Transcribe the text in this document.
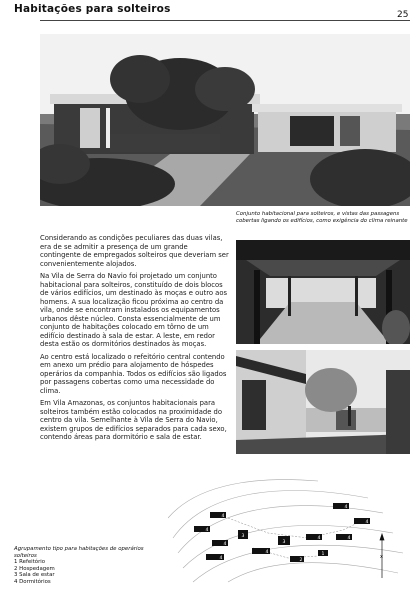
Habitações para solteiros	25
Conjunto habitacional para solteiros, e vistas das passagens cobertas ligando os edifícios, como exigência do clima reinante

Considerando as condições peculiares das duas vilas, era de se admitir a presença de um grande contingente de empregados solteiros que deveriam ser convenientemente alojados.

Na Vila de Serra do Navio foi projetado um conjunto habitacional para solteiros, constituído de dois blocos de vários edifícios, um destinado às moças e outro aos homens. A sua localização ficou próxima ao centro da vila, onde se encontram instalados os equipamentos urbanos dêste núcleo. Consta essencialmente de um conjunto de habitações colocado em tôrno de um edifício destinado à sala de estar. A leste, em redor desta estão os dormitórios destinados às moças.

Ao centro está localizado o refeitório central contendo em anexo um prédio para alojamento de hóspedes operários da companhia. Todos os edifícios são ligados por passagens cobertas como uma necessidade do clima.

Em Vila Amazonas, os conjuntos habitacionais para solteiros também estão colocados na proximidade do centro da vila. Semelhante à Vila de Serra do Navio, existem grupos de edifícios separados para cada sexo, contendo áreas para dormitório e sala de estar.

4
4
4
3
4
4
2
3
4
4
4
1
4
x
Agrupamento tipo para habitações de operários solteiros
1 Refeitório
2 Hospedagem
3 Sala de estar
4 Dormitórios
